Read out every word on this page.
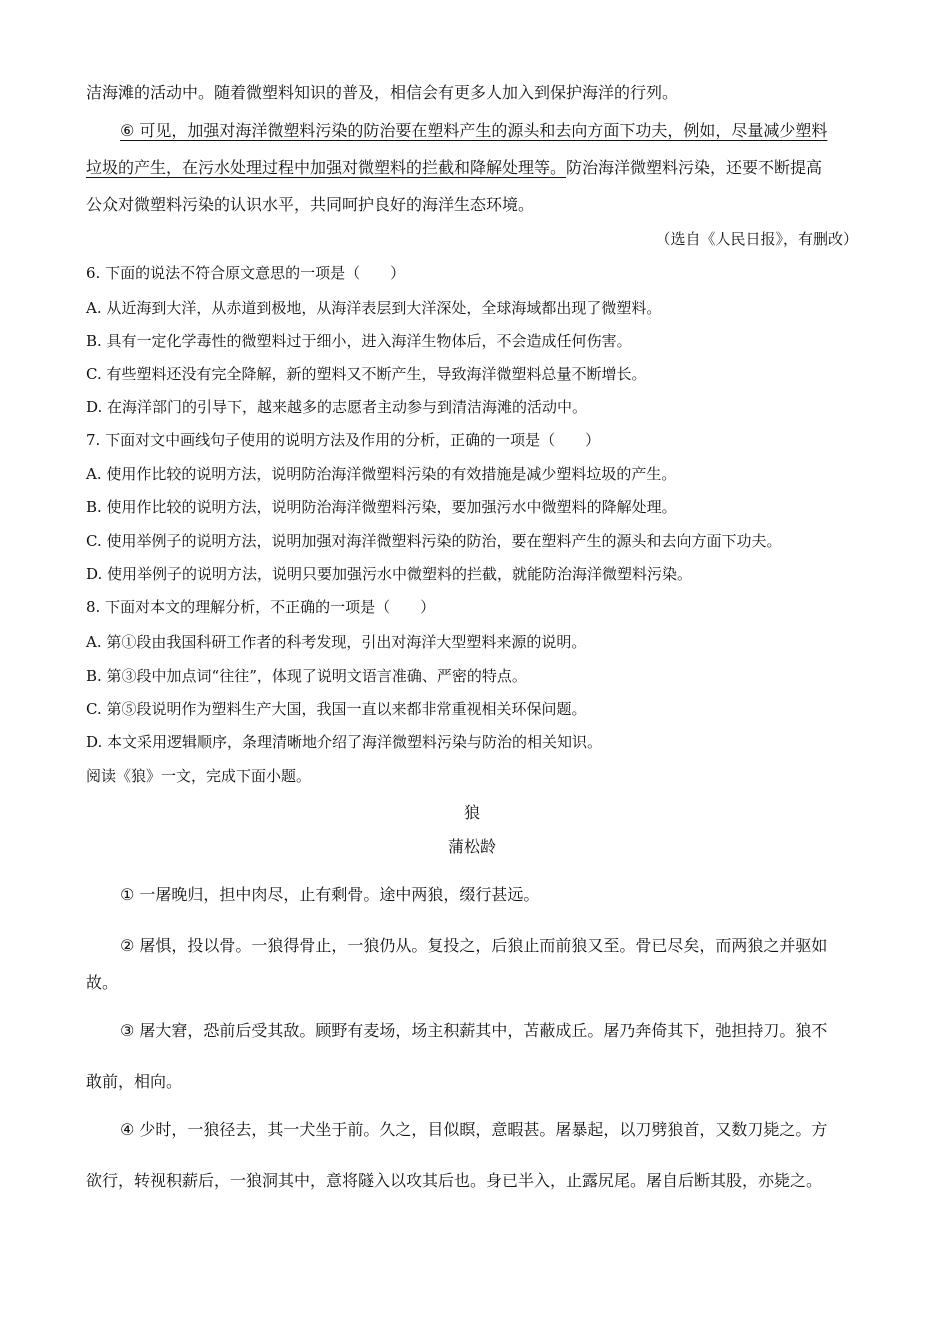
洁海滩的活动中。随着微塑料知识的普及，相信会有更多人加入到保护海洋的行列。
⑥ 可见，加强对海洋微塑料污染的防治要在塑料产生的源头和去向方面下功夫，例如，尽量减少塑料
垃圾的产生，在污水处理过程中加强对微塑料的拦截和降解处理等。防治海洋微塑料污染，还要不断提高
公众对微塑料污染的认识水平，共同呵护良好的海洋生态环境。
（选自《人民日报》，有删改）
6. 下面的说法不符合原文意思的一项是（　　）
A. 从近海到大洋，从赤道到极地，从海洋表层到大洋深处，全球海域都出现了微塑料。
B. 具有一定化学毒性的微塑料过于细小，进入海洋生物体后，不会造成任何伤害。
C. 有些塑料还没有完全降解，新的塑料又不断产生，导致海洋微塑料总量不断增长。
D. 在海洋部门的引导下，越来越多的志愿者主动参与到清洁海滩的活动中。
7. 下面对文中画线句子使用的说明方法及作用的分析，正确的一项是（　　）
A. 使用作比较的说明方法，说明防治海洋微塑料污染的有效措施是减少塑料垃圾的产生。
B. 使用作比较的说明方法，说明防治海洋微塑料污染，要加强污水中微塑料的降解处理。
C. 使用举例子的说明方法，说明加强对海洋微塑料污染的防治，要在塑料产生的源头和去向方面下功夫。
D. 使用举例子的说明方法，说明只要加强污水中微塑料的拦截，就能防治海洋微塑料污染。
8. 下面对本文的理解分析，不正确的一项是（　　）
A. 第①段由我国科研工作者的科考发现，引出对海洋大型塑料来源的说明。
B. 第③段中加点词“往往”，体现了说明文语言准确、严密的特点。
C. 第⑤段说明作为塑料生产大国，我国一直以来都非常重视相关环保问题。
D. 本文采用逻辑顺序，条理清晰地介绍了海洋微塑料污染与防治的相关知识。
阅读《狼》一文，完成下面小题。
狼
蒲松龄
① 一屠晚归，担中肉尽，止有剩骨。途中两狼，缀行甚远。
② 屠惧，投以骨。一狼得骨止，一狼仍从。复投之，后狼止而前狼又至。骨已尽矣，而两狼之并驱如
故。
③ 屠大窘，恐前后受其敌。顾野有麦场，场主积薪其中，苫蔽成丘。屠乃奔倚其下，弛担持刀。狼不
敢前，相向。
④ 少时，一狼径去，其一犬坐于前。久之，目似瞑，意暇甚。屠暴起，以刀劈狼首，又数刀毙之。方
欲行，转视积薪后，一狼洞其中，意将隧入以攻其后也。身已半入，止露尻尾。屠自后断其股，亦毙之。
